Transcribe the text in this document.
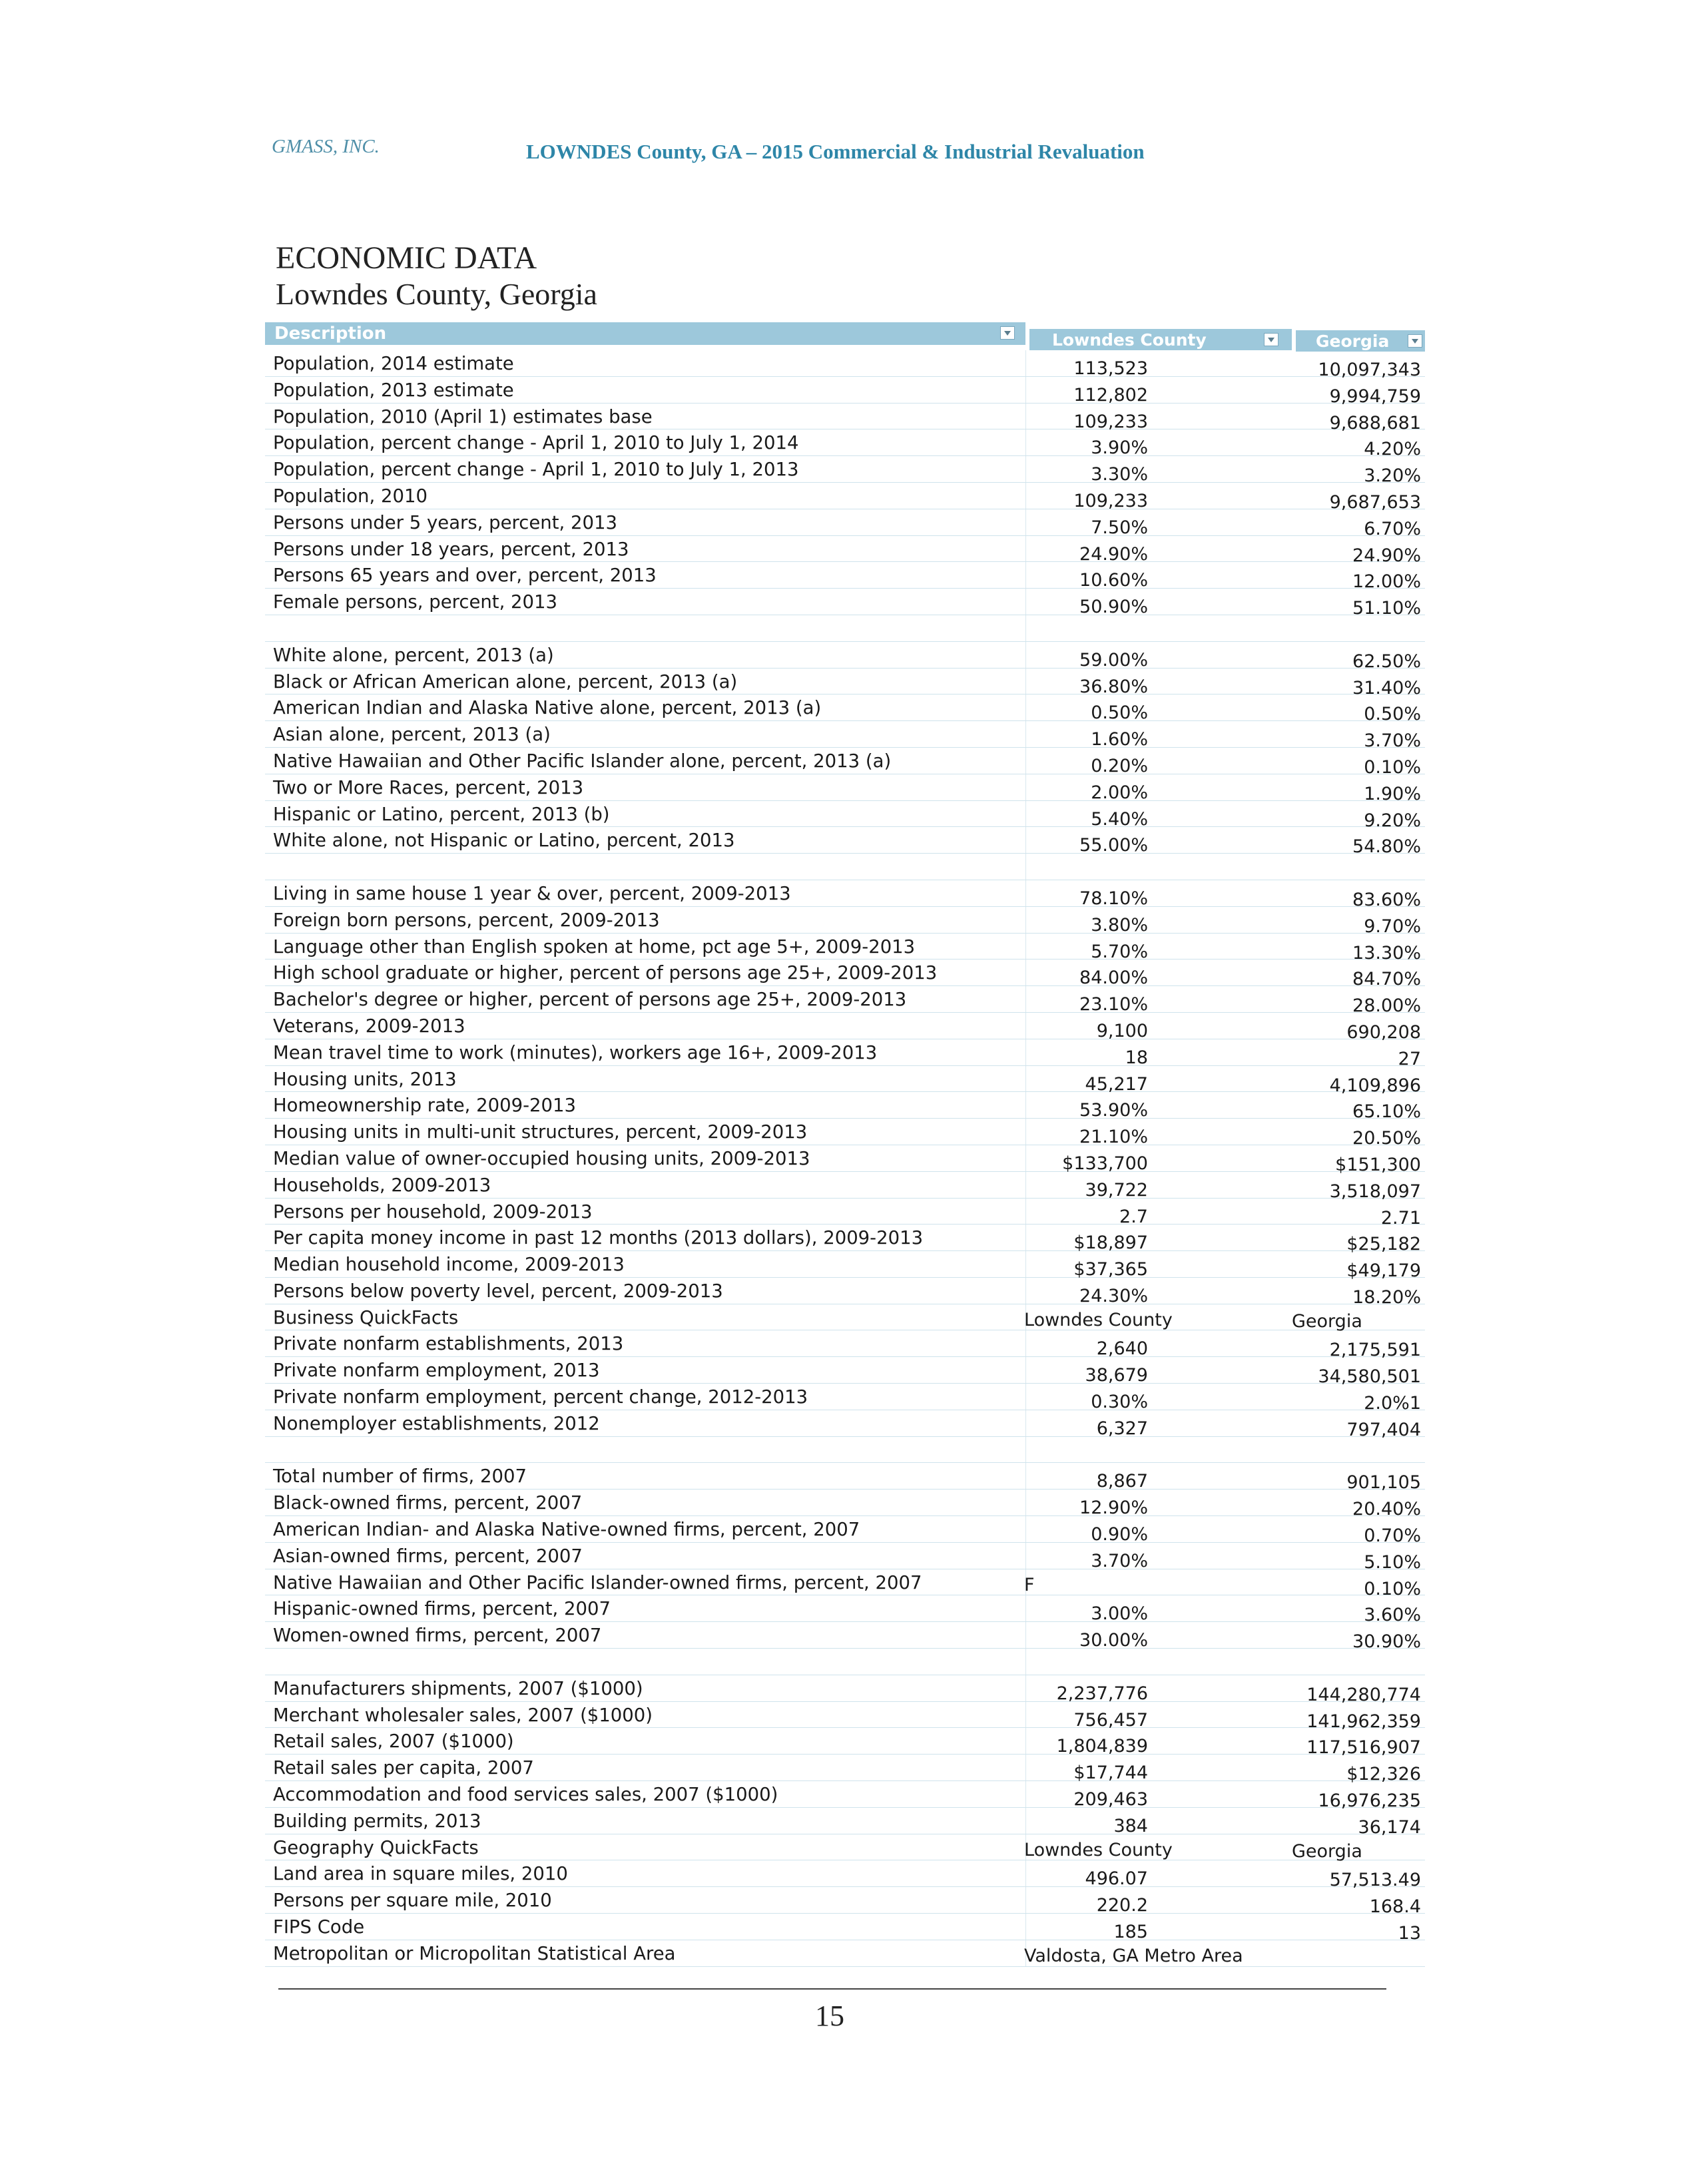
GMASS, INC.	LOWNDES County, GA – 2015 Commercial & Industrial Revaluation
ECONOMIC DATA
Lowndes County, Georgia
Description	Lowndes County	Georgia
Population, 2014 estimate	113,523	10,097,343
Population, 2013 estimate	112,802	9,994,759
Population, 2010 (April 1) estimates base	109,233	9,688,681
Population, percent change - April 1, 2010 to July 1, 2014	3.90%	4.20%
Population, percent change - April 1, 2010 to July 1, 2013	3.30%	3.20%
Population, 2010	109,233	9,687,653
Persons under 5 years, percent, 2013	7.50%	6.70%
Persons under 18 years, percent, 2013	24.90%	24.90%
Persons 65 years and over, percent, 2013	10.60%	12.00%
Female persons, percent, 2013	50.90%	51.10%
White alone, percent, 2013 (a)	59.00%	62.50%
Black or African American alone, percent, 2013 (a)	36.80%	31.40%
American Indian and Alaska Native alone, percent, 2013 (a)	0.50%	0.50%
Asian alone, percent, 2013 (a)	1.60%	3.70%
Native Hawaiian and Other Pacific Islander alone, percent, 2013 (a)	0.20%	0.10%
Two or More Races, percent, 2013	2.00%	1.90%
Hispanic or Latino, percent, 2013 (b)	5.40%	9.20%
White alone, not Hispanic or Latino, percent, 2013	55.00%	54.80%
Living in same house 1 year & over, percent, 2009-2013	78.10%	83.60%
Foreign born persons, percent, 2009-2013	3.80%	9.70%
Language other than English spoken at home, pct age 5+, 2009-2013	5.70%	13.30%
High school graduate or higher, percent of persons age 25+, 2009-2013	84.00%	84.70%
Bachelor's degree or higher, percent of persons age 25+, 2009-2013	23.10%	28.00%
Veterans, 2009-2013	9,100	690,208
Mean travel time to work (minutes), workers age 16+, 2009-2013	18	27
Housing units, 2013	45,217	4,109,896
Homeownership rate, 2009-2013	53.90%	65.10%
Housing units in multi-unit structures, percent, 2009-2013	21.10%	20.50%
Median value of owner-occupied housing units, 2009-2013	$133,700	$151,300
Households, 2009-2013	39,722	3,518,097
Persons per household, 2009-2013	2.7	2.71
Per capita money income in past 12 months (2013 dollars), 2009-2013	$18,897	$25,182
Median household income, 2009-2013	$37,365	$49,179
Persons below poverty level, percent, 2009-2013	24.30%	18.20%
Business QuickFacts	Lowndes County	Georgia
Private nonfarm establishments, 2013	2,640	2,175,591
Private nonfarm employment, 2013	38,679	34,580,501
Private nonfarm employment, percent change, 2012-2013	0.30%	2.0%1
Nonemployer establishments, 2012	6,327	797,404
Total number of firms, 2007	8,867	901,105
Black-owned firms, percent, 2007	12.90%	20.40%
American Indian- and Alaska Native-owned firms, percent, 2007	0.90%	0.70%
Asian-owned firms, percent, 2007	3.70%	5.10%
Native Hawaiian and Other Pacific Islander-owned firms, percent, 2007	F	0.10%
Hispanic-owned firms, percent, 2007	3.00%	3.60%
Women-owned firms, percent, 2007	30.00%	30.90%
Manufacturers shipments, 2007 ($1000)	2,237,776	144,280,774
Merchant wholesaler sales, 2007 ($1000)	756,457	141,962,359
Retail sales, 2007 ($1000)	1,804,839	117,516,907
Retail sales per capita, 2007	$17,744	$12,326
Accommodation and food services sales, 2007 ($1000)	209,463	16,976,235
Building permits, 2013	384	36,174
Geography QuickFacts	Lowndes County	Georgia
Land area in square miles, 2010	496.07	57,513.49
Persons per square mile, 2010	220.2	168.4
FIPS Code	185	13
Metropolitan or Micropolitan Statistical Area	Valdosta, GA Metro Area
15
